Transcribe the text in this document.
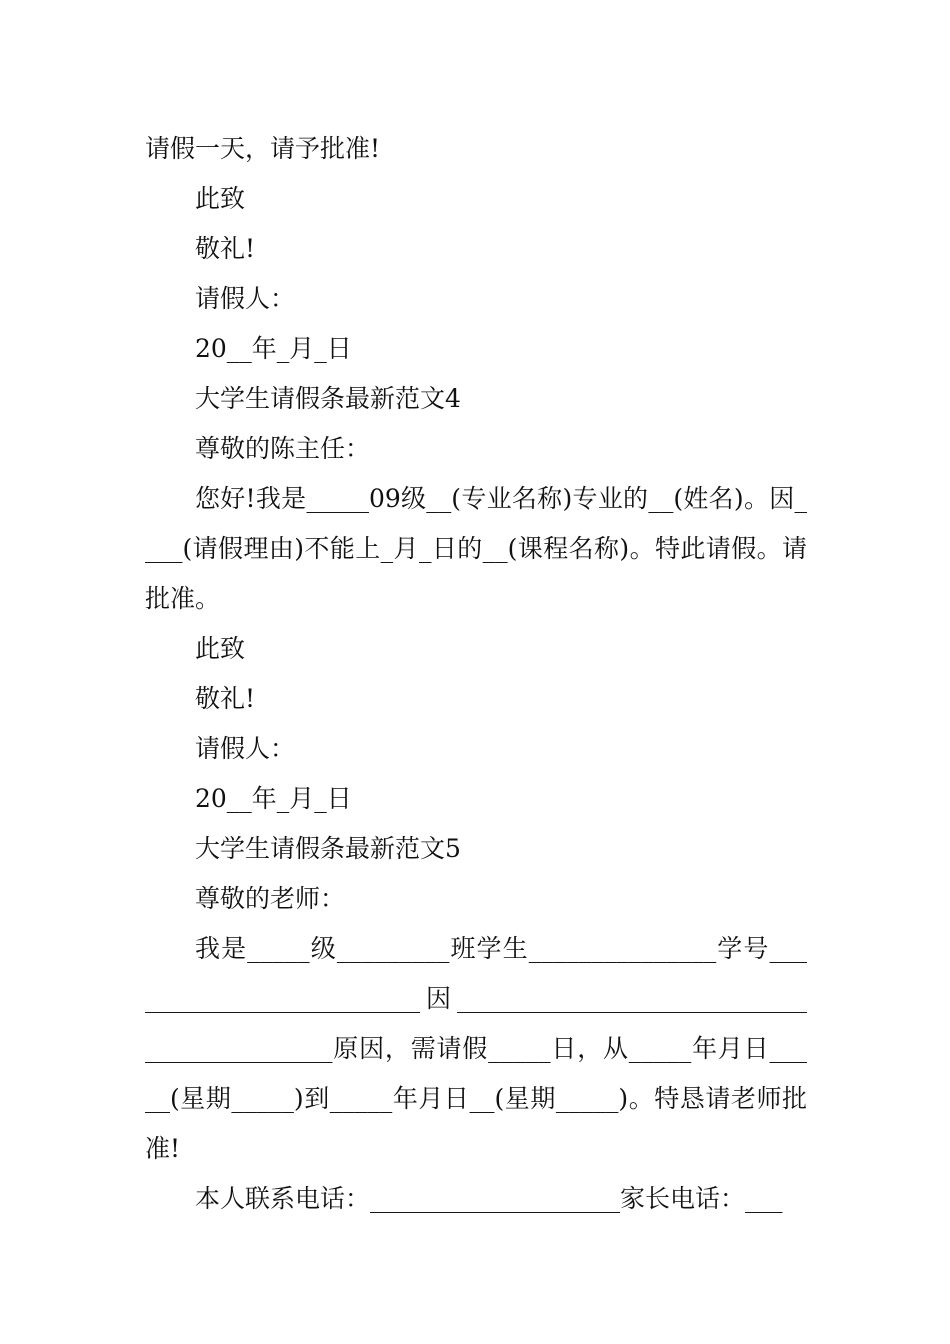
请假一天，请予批准!

此致

敬礼!

请假人：

20__年_月_日

大学生请假条最新范文4

尊敬的陈主任：

您好!我是_____09级__(专业名称)专业的__(姓名)。因____(请假理由)不能上_月_日的__(课程名称)。特此请假。请批准。

此致

敬礼!

请假人：

20__年_月_日

大学生请假条最新范文5

尊敬的老师：

我是_____级_________班学生_______________学号_________________________因___________________________________________原因，需请假_____日，从_____年月日_____(星期_____)到_____年月日__(星期_____)。特恳请老师批准!

本人联系电话：____________________家长电话：___
